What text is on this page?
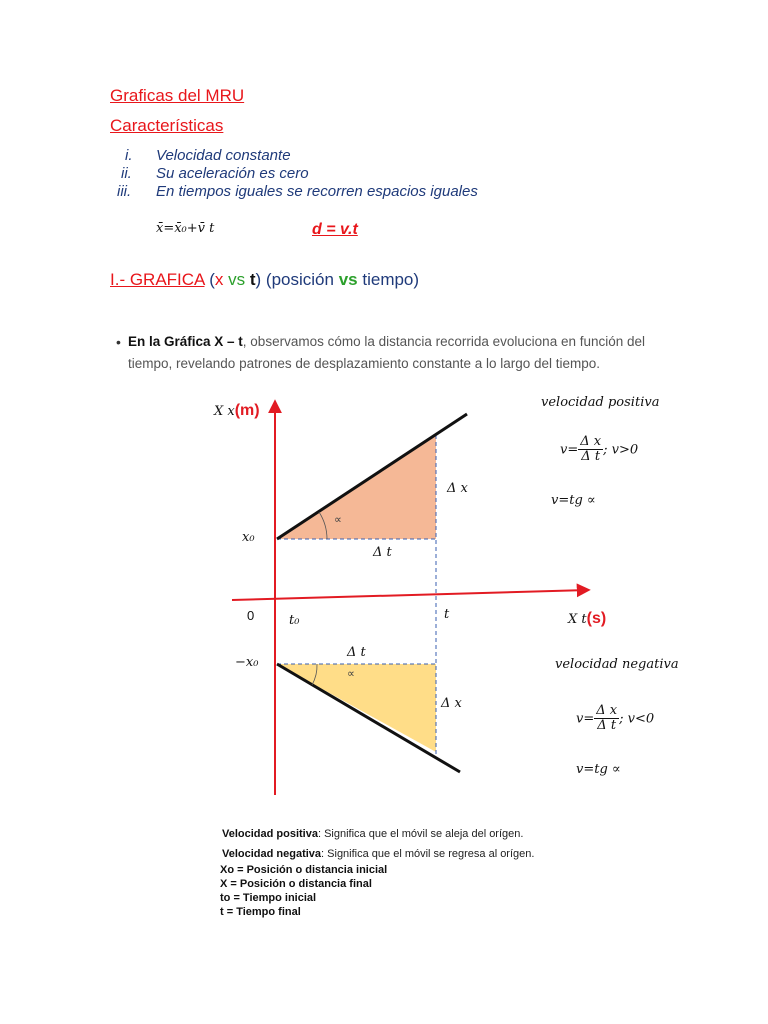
Graficas del MRU
Características
i. Velocidad constante
ii. Su aceleración es cero
iii. En tiempos iguales se recorren espacios iguales
x̄=x̄₀+v̄ t	d = v.t
I.- GRAFICA (x vs t) (posición vs tiempo)
• En la Gráfica X – t, observamos cómo la distancia recorrida evoluciona en función del
tiempo, revelando patrones de desplazamiento constante a lo largo del tiempo.
X x(m)
X t(s)
x₀
−x₀
0	t₀	t
Δ x
Δ t
Δ t
Δ x
∝
∝
velocidad positiva
$v= \frac{\text{Δ x}}{\text{Δ t}}$ ; v>0
v=tg ∝
velocidad negativa
$v= \frac{\text{Δ x}}{\text{Δ t}}$ ; v<0
v=tg ∝
Velocidad positiva: Significa que el móvil se aleja del orígen.
Velocidad negativa: Significa que el móvil se regresa al orígen.
Xo = Posición o distancia inicial
X = Posición o distancia final
to = Tiempo inicial
t = Tiempo final
